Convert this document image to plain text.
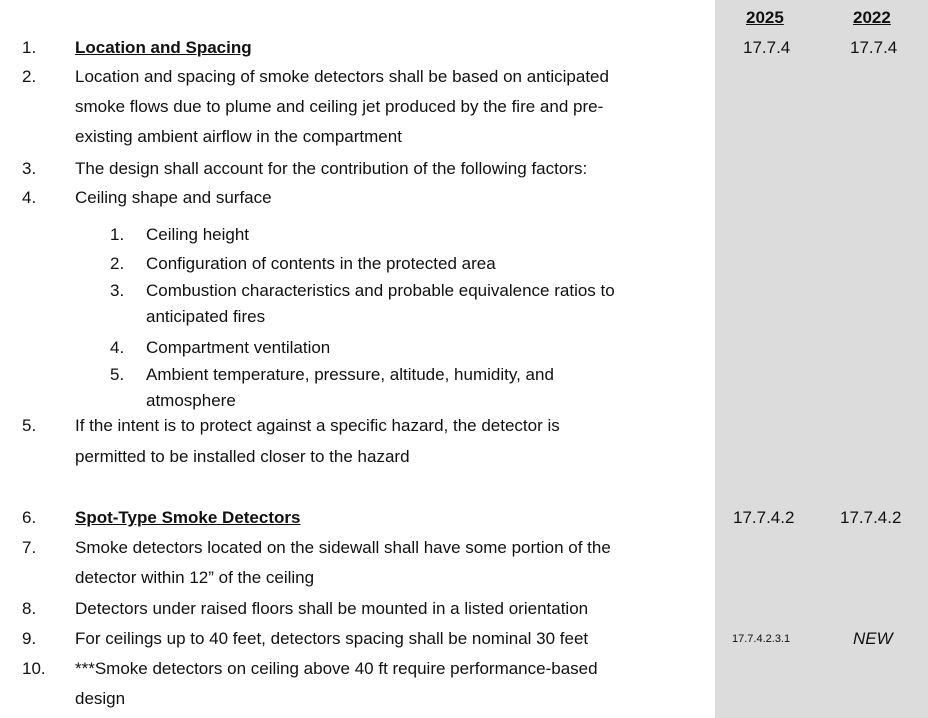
2025	2022
1. Location and Spacing	17.7.4	17.7.4
2. Location and spacing of smoke detectors shall be based on anticipated
smoke flows due to plume and ceiling jet produced by the fire and pre-
existing ambient airflow in the compartment
3. The design shall account for the contribution of the following factors:
4. Ceiling shape and surface
1. Ceiling height
2. Configuration of contents in the protected area
3. Combustion characteristics and probable equivalence ratios to
anticipated fires
4. Compartment ventilation
5. Ambient temperature, pressure, altitude, humidity, and
atmosphere
5. If the intent is to protect against a specific hazard, the detector is
permitted to be installed closer to the hazard
6. Spot-Type Smoke Detectors	17.7.4.2	17.7.4.2
7. Smoke detectors located on the sidewall shall have some portion of the
detector within 12” of the ceiling
8. Detectors under raised floors shall be mounted in a listed orientation
9. For ceilings up to 40 feet, detectors spacing shall be nominal 30 feet	17.7.4.2.3.1	NEW
10. ***Smoke detectors on ceiling above 40 ft require performance-based
design
